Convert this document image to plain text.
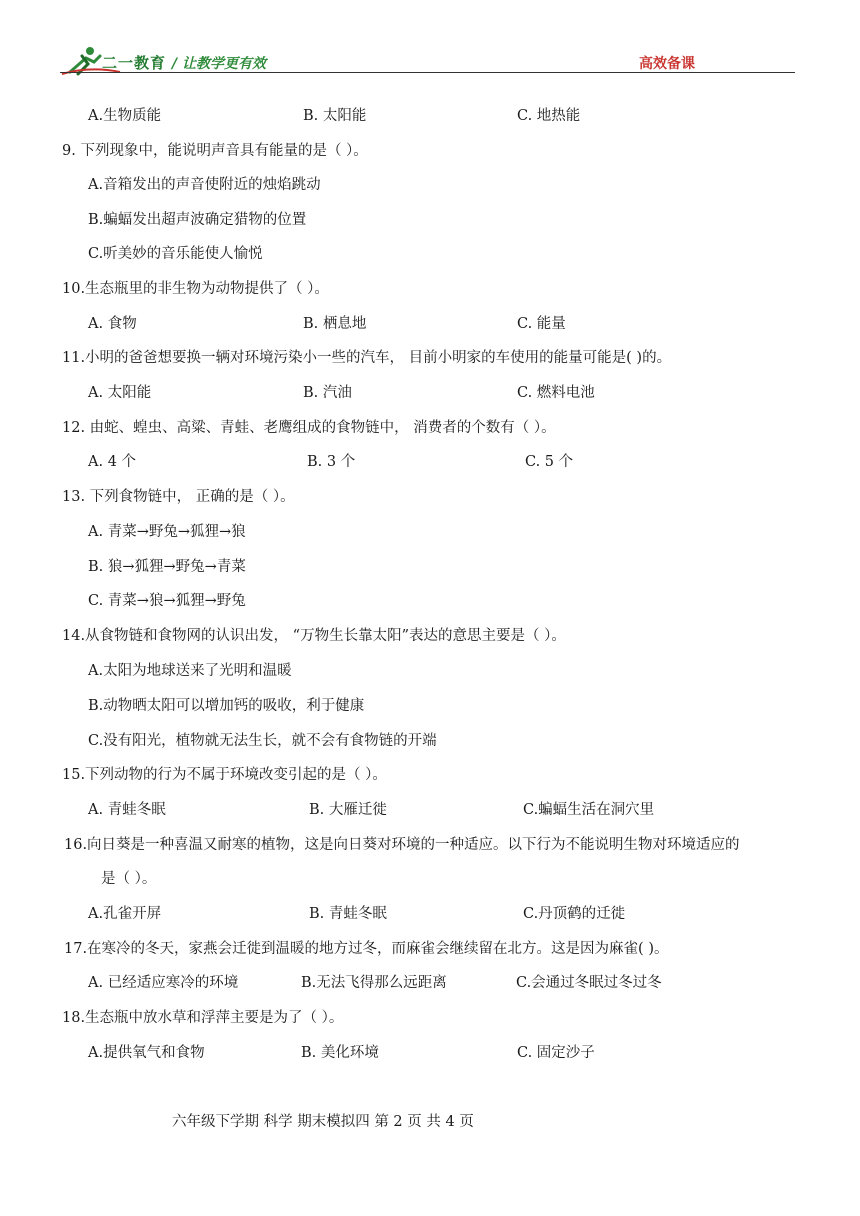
二一教育 / 让教学更有效	高效备课
A.生物质能	B. 太阳能	C. 地热能
9. 下列现象中，能说明声音具有能量的是（ ）。
A.音箱发出的声音使附近的烛焰跳动
B.蝙蝠发出超声波确定猎物的位置
C.听美妙的音乐能使人愉悦
10.生态瓶里的非生物为动物提供了（ ）。
A. 食物	B. 栖息地	C. 能量
11.小明的爸爸想要换一辆对环境污染小一些的汽车， 目前小明家的车使用的能量可能是( )的。
A. 太阳能	B. 汽油	C. 燃料电池
12. 由蛇、蝗虫、高粱、青蛙、老鹰组成的食物链中， 消费者的个数有（ ）。
A. 4 个	B. 3 个	C. 5 个
13. 下列食物链中， 正确的是（ ）。
A. 青菜→野兔→狐狸→狼
B. 狼→狐狸→野兔→青菜
C. 青菜→狼→狐狸→野兔
14.从食物链和食物网的认识出发， “万物生长靠太阳”表达的意思主要是（ ）。
A.太阳为地球送来了光明和温暖
B.动物晒太阳可以增加钙的吸收，利于健康
C.没有阳光，植物就无法生长，就不会有食物链的开端
15.下列动物的行为不属于环境改变引起的是（ ）。
A. 青蛙冬眠	B. 大雁迁徙	C.蝙蝠生活在洞穴里
16.向日葵是一种喜温又耐寒的植物，这是向日葵对环境的一种适应。以下行为不能说明生物对环境适应的
是（ ）。
A.孔雀开屏	B. 青蛙冬眠	C.丹顶鹤的迁徙
17.在寒冷的冬天，家燕会迁徙到温暖的地方过冬，而麻雀会继续留在北方。这是因为麻雀( )。
A. 已经适应寒冷的环境	B.无法飞得那么远距离	C.会通过冬眠过冬过冬
18.生态瓶中放水草和浮萍主要是为了（ ）。
A.提供氧气和食物	B. 美化环境	C. 固定沙子
六年级下学期 科学 期末模拟四 第 2 页 共 4 页
